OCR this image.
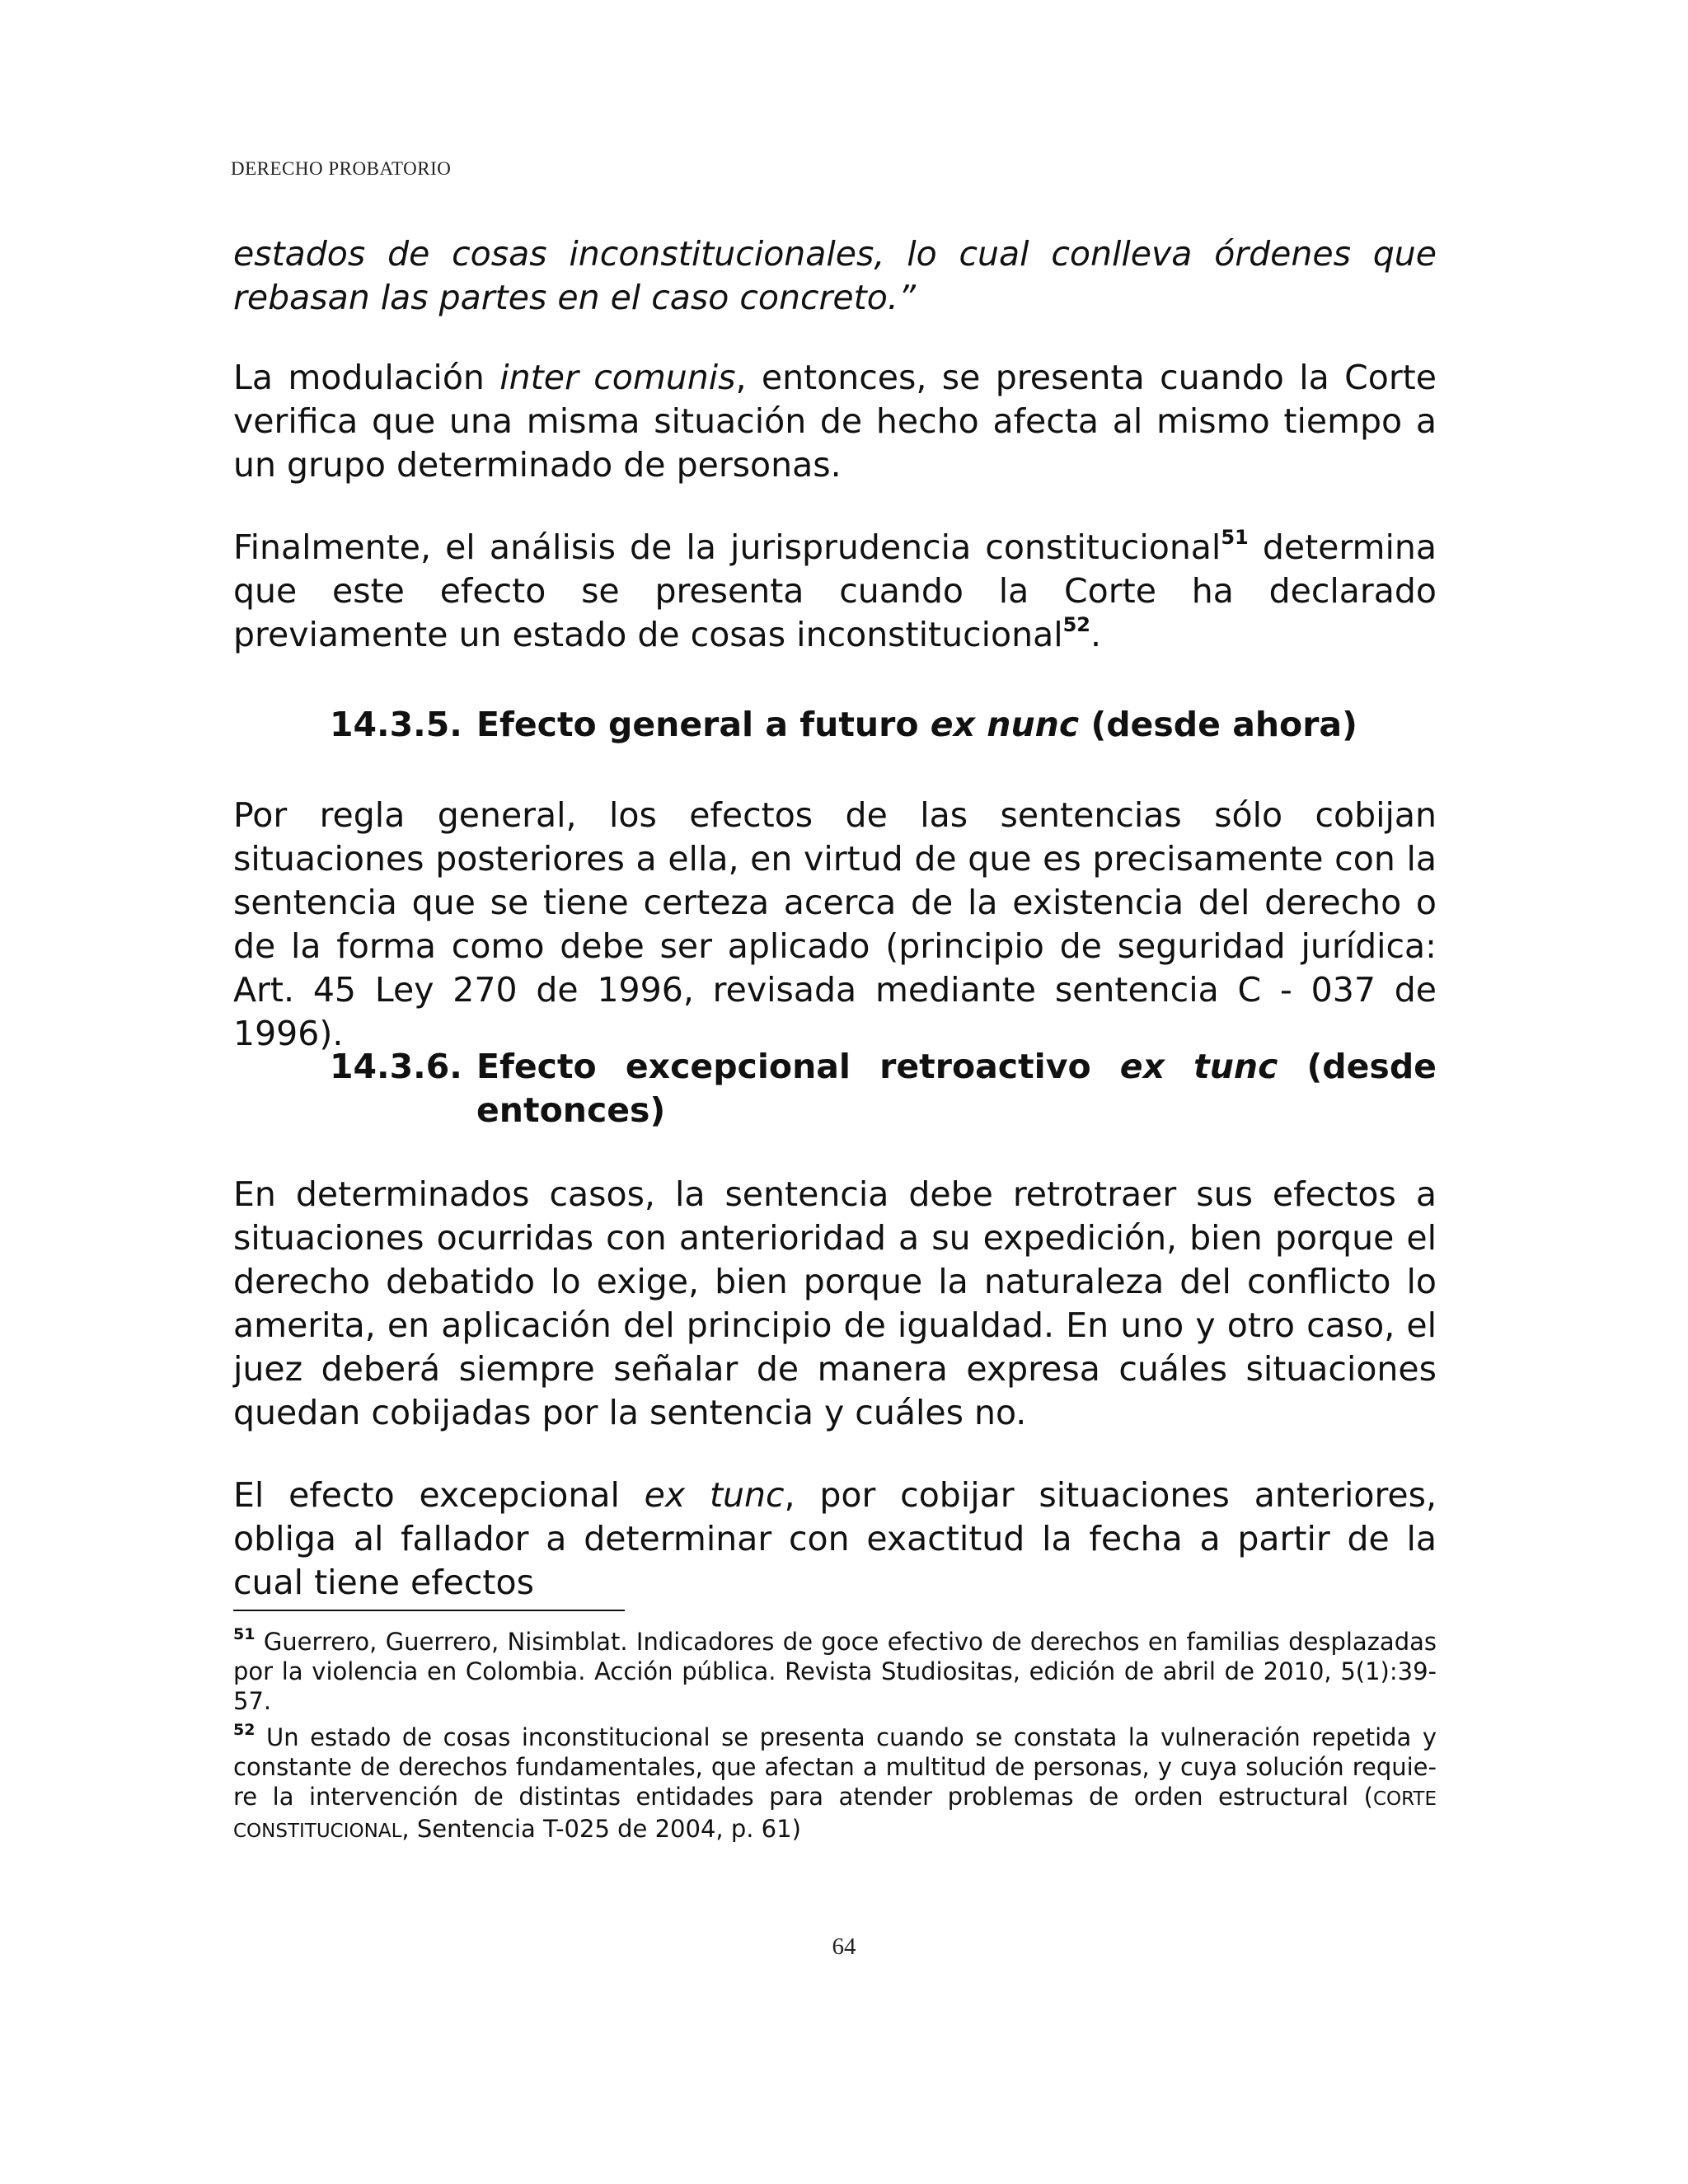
DERECHO PROBATORIO
estados de cosas inconstitucionales, lo cual conlleva órdenes que rebasan las partes en el caso concreto.”
La modulación inter comunis, entonces, se presenta cuando la Corte verifica que una misma situación de hecho afecta al mismo tiempo a un grupo determinado de personas.
Finalmente, el análisis de la jurisprudencia constitucional$^{51}$ determina que este efecto se presenta cuando la Corte ha declarado previamente un estado de cosas inconstitucional$^{52}$.
14.3.5. Efecto general a futuro ex nunc (desde ahora)
Por regla general, los efectos de las sentencias sólo cobijan situaciones posteriores a ella, en virtud de que es precisamente con la sentencia que se tiene certeza acerca de la existencia del derecho o de la forma como debe ser aplicado (principio de seguridad jurídica: Art. 45 Ley 270 de 1996, revisada mediante sentencia C - 037 de 1996).
14.3.6. Efecto excepcional retroactivo ex tunc (desde entonces)
En determinados casos, la sentencia debe retrotraer sus efectos a situaciones ocurridas con anterioridad a su expedición, bien porque el derecho debatido lo exige, bien porque la naturaleza del conflicto lo amerita, en aplicación del principio de igualdad. En uno y otro caso, el juez deberá siempre señalar de manera expresa cuáles situaciones quedan cobijadas por la sentencia y cuáles no.
El efecto excepcional ex tunc, por cobijar situaciones anteriores, obliga al fallador a determinar con exactitud la fecha a partir de la cual tiene efectos
$^{51}$ Guerrero, Guerrero, Nisimblat. Indicadores de goce efectivo de derechos en familias desplazadas por la violencia en Colombia. Acción pública. Revista Studiositas, edición de abril de 2010, 5(1):39-57.
$^{52}$ Un estado de cosas inconstitucional se presenta cuando se constata la vulneración repetida y constante de derechos fundamentales, que afectan a multitud de personas, y cuya solución requiere la intervención de distintas entidades para atender problemas de orden estructural (CORTE CONSTITUCIONAL, Sentencia T-025 de 2004, p. 61)
64
